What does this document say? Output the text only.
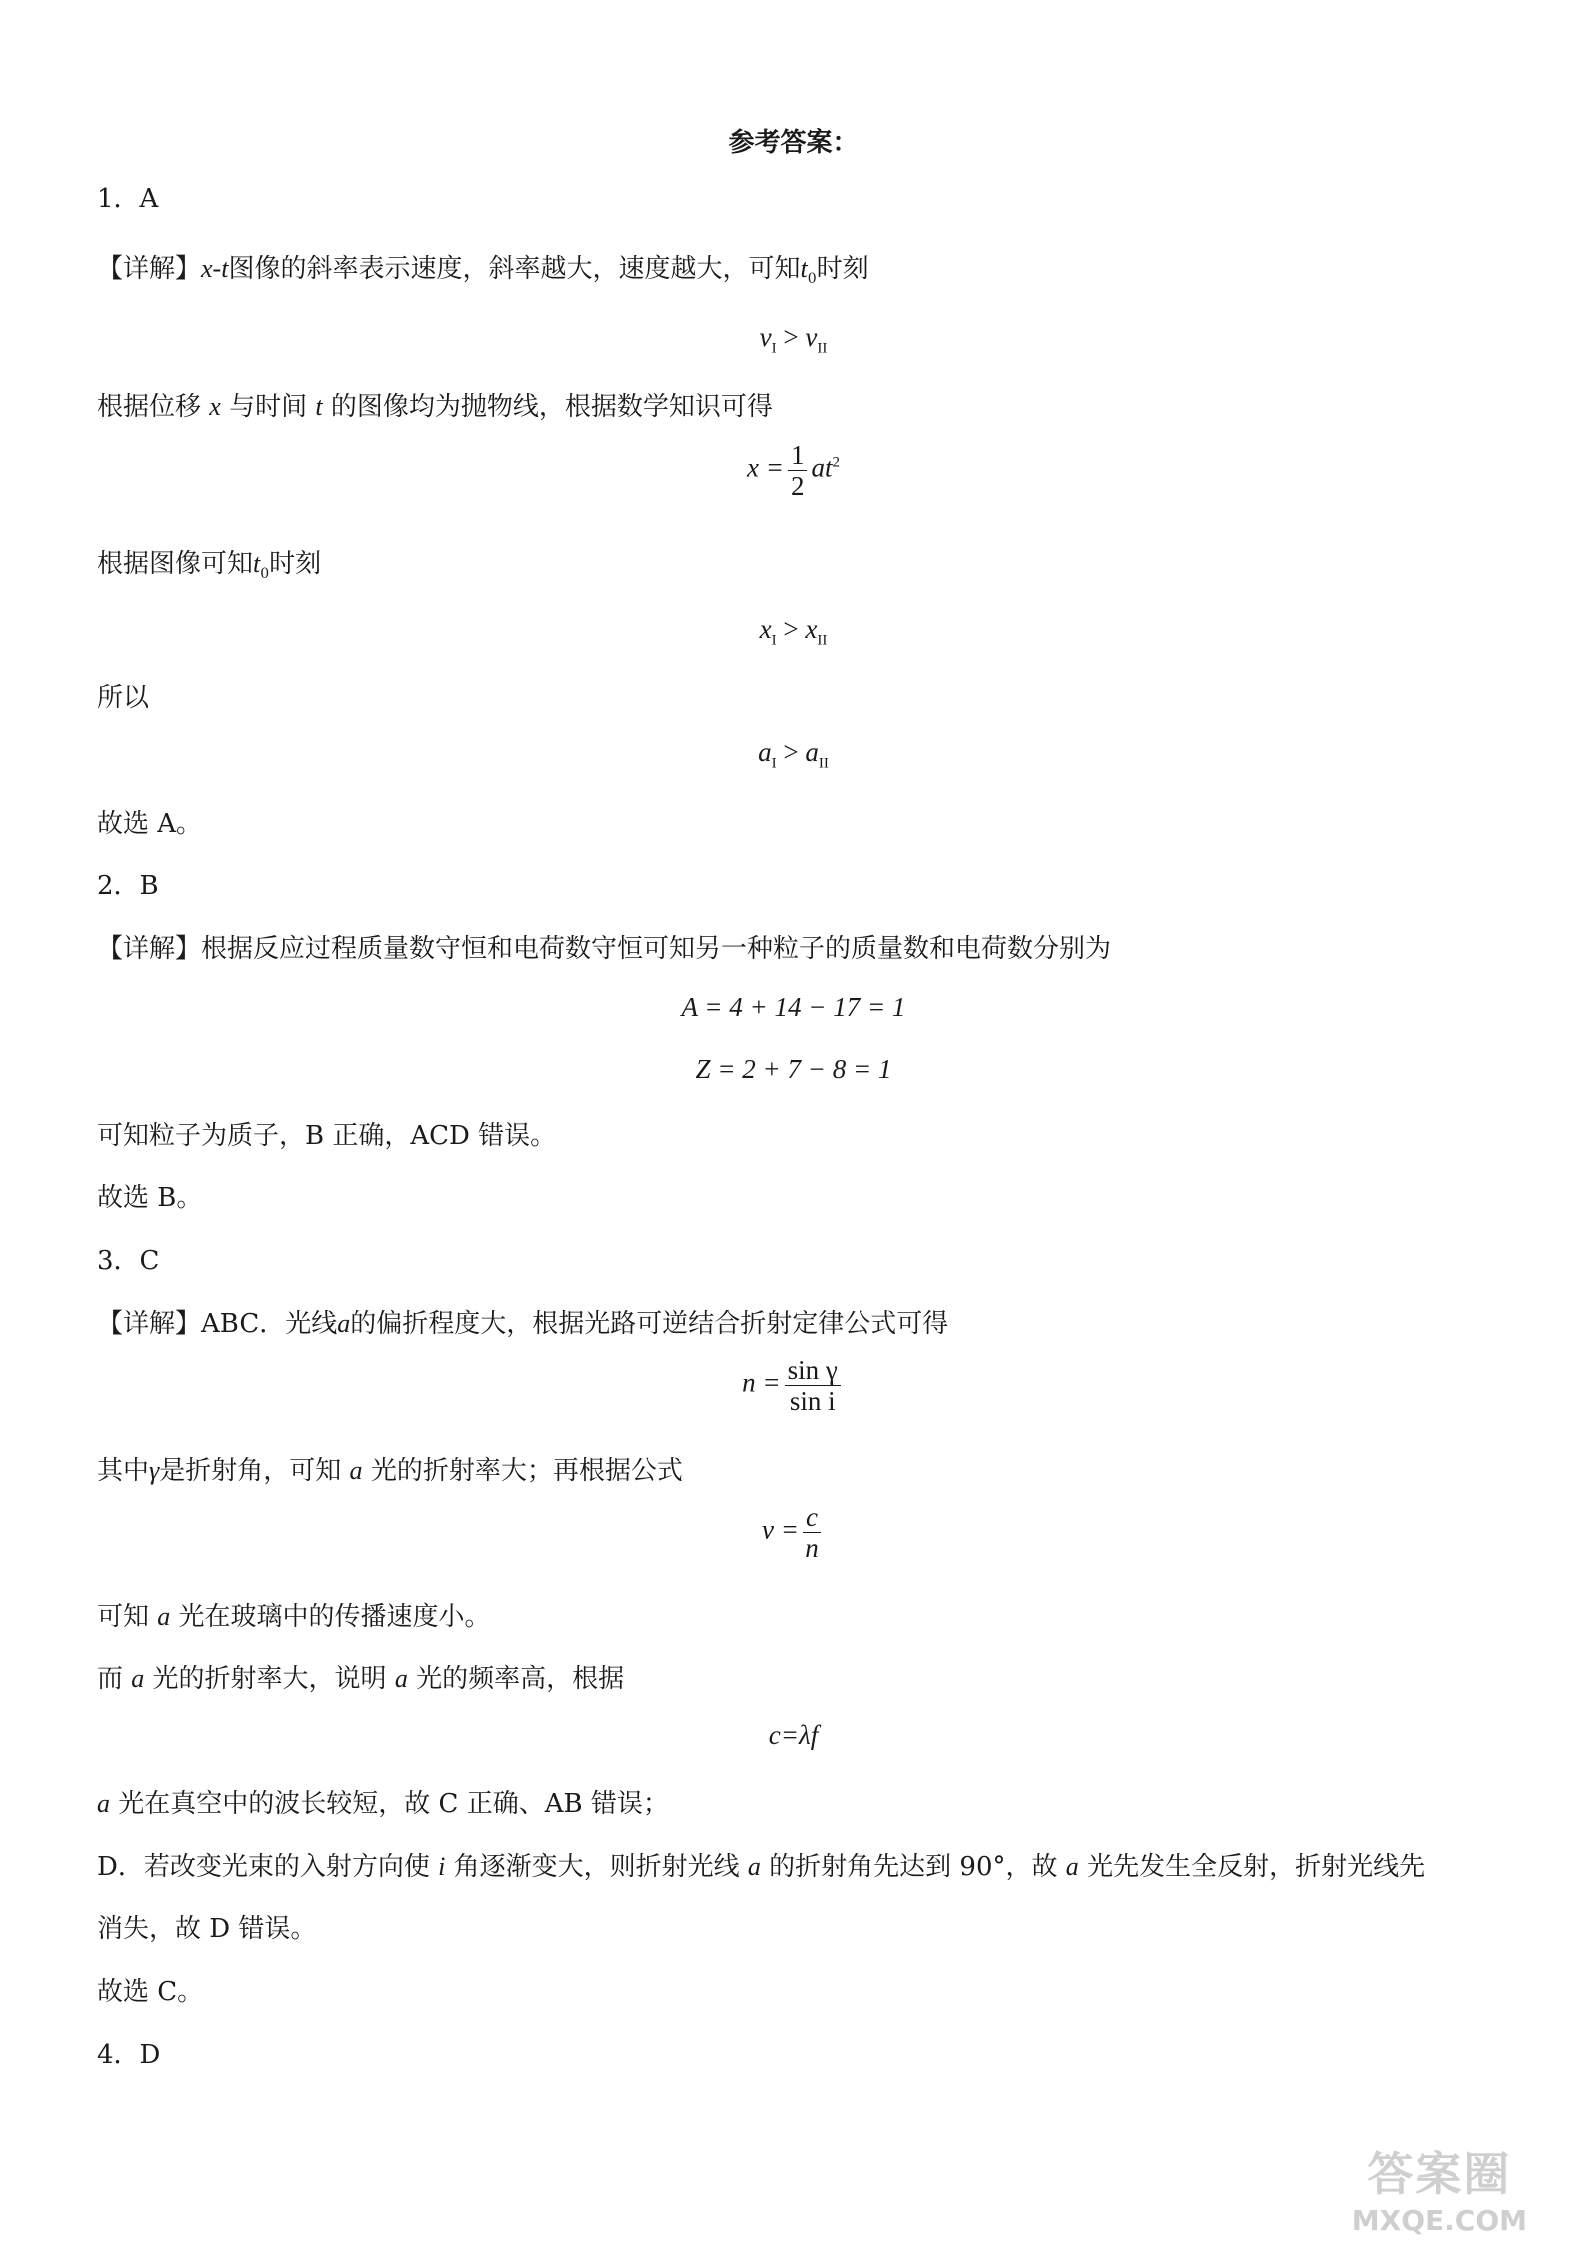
参考答案：
1．A
【详解】x-t图像的斜率表示速度，斜率越大，速度越大，可知$t_0$时刻
$v_I > v_{II}$
根据位移 x 与时间 t 的图像均为抛物线，根据数学知识可得
$x = \frac{1}{2} at^2$
根据图像可知$t_0$时刻
$x_I > x_{II}$
所以
$a_I > a_{II}$
故选 A。
2．B
【详解】根据反应过程质量数守恒和电荷数守恒可知另一种粒子的质量数和电荷数分别为
A = 4 + 14 − 17 = 1
Z = 2 + 7 − 8 = 1
可知粒子为质子，B 正确，ACD 错误。
故选 B。
3．C
【详解】ABC．光线a的偏折程度大，根据光路可逆结合折射定律公式可得
$n = \frac{\text{sin γ}}{\text{sin i}}$
其中γ是折射角，可知 a 光的折射率大；再根据公式
$v = \frac{c}{n}$
可知 a 光在玻璃中的传播速度小。
而 a 光的折射率大，说明 a 光的频率高，根据
c=λf
a 光在真空中的波长较短，故 C 正确、AB 错误；
D．若改变光束的入射方向使 i 角逐渐变大，则折射光线 a 的折射角先达到 90°，故 a 光先发生全反射，折射光线先
消失，故 D 错误。
故选 C。
4．D
答案圈
MXQE.COM
